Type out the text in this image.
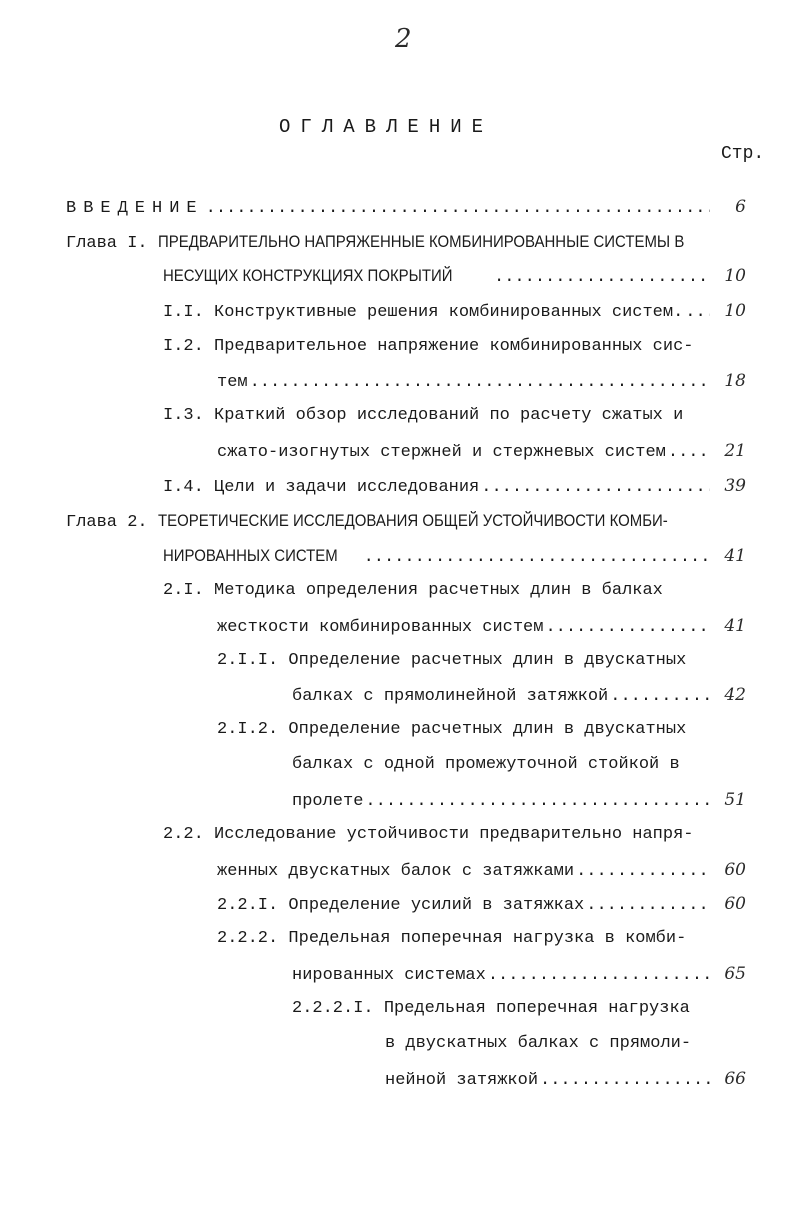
2
ОГЛАВЛЕНИЕ
Стр.
ВВЕДЕНИЕ .....	6
Глава I. ПРЕДВАРИТЕЛЬНО НАПРЯЖЕННЫЕ КОМБИНИРОВАННЫЕ СИСТЕМЫ В
НЕСУЩИХ КОНСТРУКЦИЯХ ПОКРЫТИЙ .....	10
I.I. Конструктивные решения комбинированных систем. .....	10
I.2. Предварительное напряжение комбинированных сис-
тем .....	18
I.3. Краткий обзор исследований по расчету сжатых и
сжато-изогнутых стержней и стержневых систем .....	21
I.4. Цели и задачи исследования .....	39
Глава 2. ТЕОРЕТИЧЕСКИЕ ИССЛЕДОВАНИЯ ОБЩЕЙ УСТОЙЧИВОСТИ КОМБИ-
НИРОВАННЫХ СИСТЕМ .....	41
2.I. Методика определения расчетных длин в балках
жесткости комбинированных систем .....	41
2.I.I. Определение расчетных длин в двускатных
балках с прямолинейной затяжкой .....	42
2.I.2. Определение расчетных длин в двускатных
балках с одной промежуточной стойкой в
пролете .....	51
2.2. Исследование устойчивости предварительно напря-
женных двускатных балок с затяжками .....	60
2.2.I. Определение усилий в затяжках .....	60
2.2.2. Предельная поперечная нагрузка в комби-
нированных системах .....	65
2.2.2.I. Предельная поперечная нагрузка
в двускатных балках с прямоли-
нейной затяжкой .....	66
